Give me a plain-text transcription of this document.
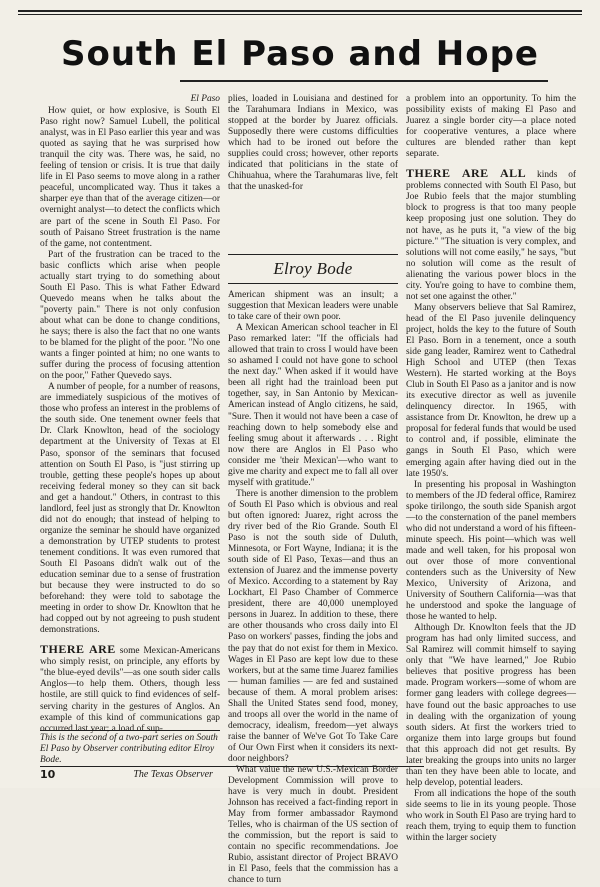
South El Paso and Hope
El Paso

How quiet, or how explosive, is South El Paso right now? Samuel Lubell, the political analyst, was in El Paso earlier this year and was quoted as saying that he was surprised how tranquil the city was. There was, he said, no feeling of tension or crisis. It is true that daily life in El Paso seems to move along in a rather peaceful, uncomplicated way. Thus it takes a sharper eye than that of the average citizen—or overnight analyst—to detect the conflicts which are part of the scene in South El Paso. For south of Paisano Street frustration is the name of the game, not contentment.

Part of the frustration can be traced to the basic conflicts which arise when people actually start trying to do something about South El Paso. This is what Father Edward Quevedo means when he talks about the "poverty pain." There is not only confusion about what can be done to change conditions, he says; there is also the fact that no one wants to be blamed for the plight of the poor. "No one wants a finger pointed at him; no one wants to suffer during the process of focusing attention on the poor," Father Quevedo says.

A number of people, for a number of reasons, are immediately suspicious of the motives of those who profess an interest in the problems of the south side. One tenement owner feels that Dr. Clark Knowlton, head of the sociology department at the University of Texas at El Paso, sponsor of the seminars that focused attention on South El Paso, is "just stirring up trouble, getting these people's hopes up about receiving federal money so they can sit back and get a handout." Others, in contrast to this landlord, feel just as strongly that Dr. Knowlton did not do enough; that instead of helping to organize the seminar he should have organized a demonstration by UTEP students to protest tenement conditions. It was even rumored that South El Pasoans didn't walk out of the education seminar due to a sense of frustration but because they were instructed to do so beforehand: they were told to sabotage the meeting in order to show Dr. Knowlton that he had copped out by not agreeing to push student demonstrations.

THERE ARE some Mexican-Americans who simply resist, on principle, any efforts by "the blue-eyed devils"—as one south sider calls Anglos—to help them. Others, though less hostile, are still quick to find evidences of self-serving charity in the gestures of Anglos. An example of this kind of communications gap occurred last year; a load of sup-

plies, loaded in Louisiana and destined for the Tarahumara Indians in Mexico, was stopped at the border by Juarez officials. Supposedly there were customs difficulties which had to be ironed out before the supplies could cross; however, other reports indicated that politicians in the state of Chihuahua, where the Tarahumaras live, felt that the unasked-for

Elroy Bode

American shipment was an insult; a suggestion that Mexican leaders were unable to take care of their own poor.

A Mexican American school teacher in El Paso remarked later: "If the officials had allowed that train to cross I would have been so ashamed I could not have gone to school the next day." When asked if it would have been all right had the trainload been put together, say, in San Antonio by Mexican-American instead of Anglo citizens, he said, "Sure. Then it would not have been a case of reaching down to help somebody else and feeling smug about it afterwards . . . Right now there are Anglos in El Paso who consider me 'their Mexican'—who want to give me charity and expect me to fall all over myself with gratitude."

There is another dimension to the problem of South El Paso which is obvious and real but often ignored: Juarez, right across the dry river bed of the Rio Grande. South El Paso is not the south side of Duluth, Minnesota, or Fort Wayne, Indiana; it is the south side of El Paso, Texas—and thus an extension of Juarez and the immense poverty of Mexico. According to a statement by Ray Lockhart, El Paso Chamber of Commerce president, there are 40,000 unemployed persons in Juarez. In addition to these, there are other thousands who cross daily into El Paso on workers' passes, finding the jobs and the pay that do not exist for them in Mexico. Wages in El Paso are kept low due to these workers, but at the same time Juarez families — human families — are fed and sustained because of them. A moral problem arises: Shall the United States send food, money, and troops all over the world in the name of democracy, idealism, freedom—yet always raise the banner of We've Got To Take Care of Our Own First when it considers its next-door neighbors?

What value the new U.S.-Mexican Border Development Commission will prove to have is very much in doubt. President Johnson has received a fact-finding report in May from former ambassador Raymond Telles, who is chairman of the US section of the commission, but the report is said to contain no specific recommendations. Joe Rubio, assistant director of Project BRAVO in El Paso, feels that the commission has a chance to turn

a problem into an opportunity. To him the possibility exists of making El Paso and Juarez a single border city—a place noted for cooperative ventures, a place where cultures are blended rather than kept separate.

THERE ARE ALL kinds of problems connected with South El Paso, but Joe Rubio feels that the major stumbling block to progress is that too many people keep proposing just one solution. They do not have, as he puts it, "a view of the big picture." "The situation is very complex, and solutions will not come easily," he says, "but no solution will come as the result of alienating the various power blocs in the city. You're going to have to combine them, not set one against the other."

Many observers believe that Sal Ramirez, head of the El Paso juvenile delinquency project, holds the key to the future of South El Paso. Born in a tenement, once a south side gang leader, Ramirez went to Cathedral High School and UTEP (then Texas Western). He started working at the Boys Club in South El Paso as a janitor and is now its executive director as well as juvenile delinquency director. In 1965, with assistance from Dr. Knowlton, he drew up a proposal for federal funds that would be used to control and, if possible, eliminate the gangs in South El Paso, which were emerging again after having died out in the late 1950's.

In presenting his proposal in Washington to members of the JD federal office, Ramirez spoke tirilongo, the south side Spanish argot—to the consternation of the panel members who did not understand a word of his fifteen-minute speech. His point—which was well made and well taken, for his proposal won out over those of more conventional contenders such as the University of New Mexico, University of Arizona, and University of Southern California—was that he understood and spoke the language of those he wanted to help.

Although Dr. Knowlton feels that the JD program has had only limited success, and Sal Ramirez will commit himself to saying only that "We have learned," Joe Rubio believes that positive progress has been made. Program workers—some of whom are former gang leaders with college degrees—have found out the basic approaches to use in dealing with the organization of young south siders. At first the workers tried to organize them into large groups but found that this approach did not get results. By later breaking the groups into units no larger than ten they have been able to locate, and help develop, potential leaders.

From all indications the hope of the south side seems to lie in its young people. Those who work in South El Paso are trying hard to reach them, trying to equip them to function within the larger society

This is the second of a two-part series on South El Paso by Observer contributing editor Elroy Bode.
10	The Texas Observer
